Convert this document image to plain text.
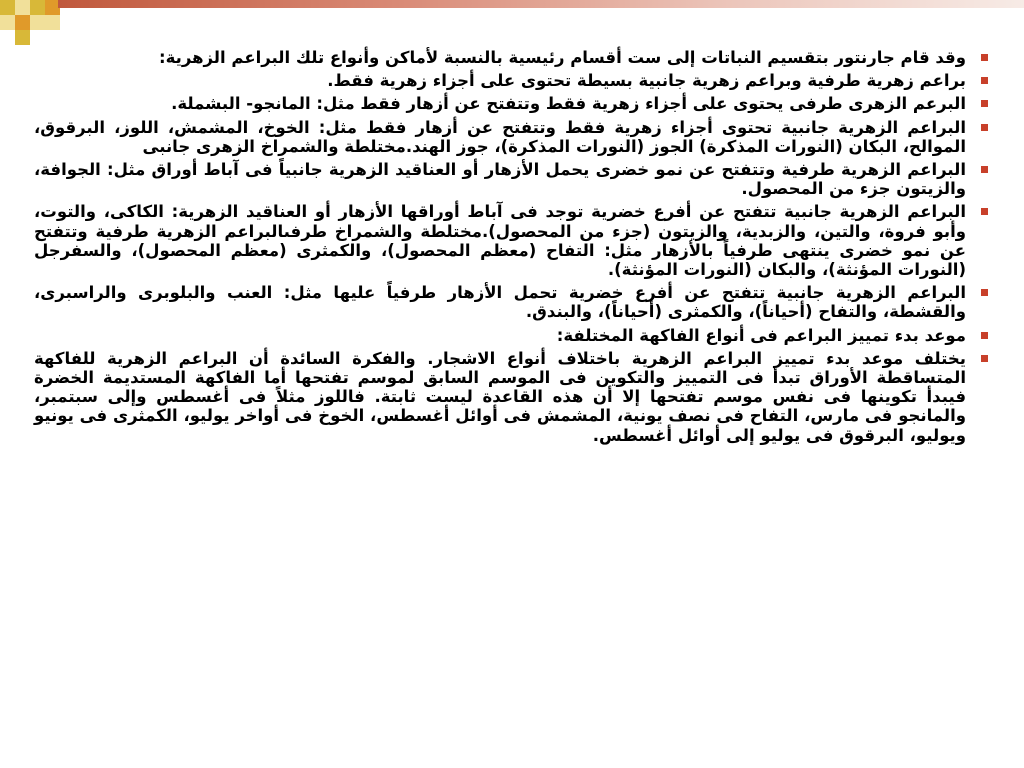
وقد قام جارنتور بتقسيم النباتات إلى ست أقسام رئيسية بالنسبة لأماكن وأنواع تلك البراعم الزهرية:
براعم زهرية طرفية وبراعم زهرية جانبية بسيطة تحتوى على أجزاء زهرية فقط.
البرعم الزهرى طرفى يحتوى على أجزاء زهرية فقط وتتفتح عن أزهار فقط مثل: المانجو- البشملة.
البراعم الزهرية جانبية تحتوى أجزاء زهرية فقط وتتفتح عن أزهار فقط مثل: الخوخ، المشمش، اللوز، البرقوق، الموالح، البكان (النورات المذكرة) الجوز (النورات المذكرة)، جوز الهند.مختلطة والشمراخ الزهرى جانبى
البراعم الزهرية طرفية وتتفتح عن نمو خضرى يحمل الأزهار أو العناقيد الزهرية جانبياً فى آباط أوراق مثل: الجوافة، والزيتون جزء من المحصول.
البراعم الزهرية جانبية تتفتح عن أفرع خضرية توجد فى آباط أوراقها الأزهار أو العناقيد الزهرية: الكاكى، والتوت، وأبو فروة، والتين، والزبدية، والزيتون (جزء من المحصول).مختلطة والشمراخ طرفىالبراعم الزهرية طرفية وتتفتح عن نمو خضرى ينتهى طرفياً بالأزهار مثل: التفاح (معظم المحصول)، والكمثرى (معظم المحصول)، والسفرجل (النورات المؤنثة)، والبكان (النورات المؤنثة).
البراعم الزهرية جانبية تتفتح عن أفرع خضرية تحمل الأزهار طرفياً عليها مثل: العنب والبلوبرى والراسبرى، والقشطة، والتفاح (أحياناً)، والكمثرى (أحياناً)، والبندق.
موعد بدء تمييز البراعم فى أنواع الفاكهة المختلفة:
يختلف موعد بدء تمييز البراعم الزهرية باختلاف أنواع الاشجار. والفكرة السائدة أن البراعم الزهرية للفاكهة المتساقطة الأوراق تبدأ فى التمييز والتكوين فى الموسم السابق لموسم تفتحها أما الفاكهة المستديمة الخضرة فيبدأ تكوينها فى نفس موسم تفتحها إلا أن هذه القاعدة ليست ثابتة. فاللوز مثلاً فى أغسطس وإلى سبتمبر، والمانجو فى مارس، التفاح فى نصف يونية، المشمش فى أوائل أغسطس، الخوخ فى أواخر يوليو، الكمثرى فى يونيو ويوليو، البرقوق فى يوليو إلى أوائل أغسطس.
